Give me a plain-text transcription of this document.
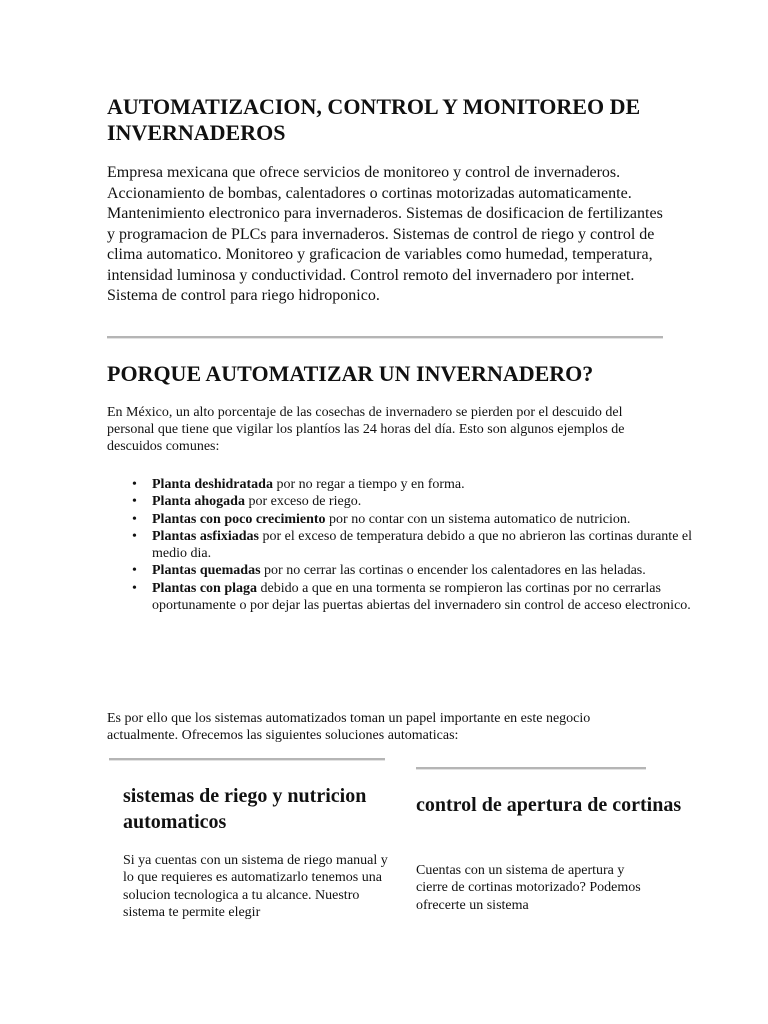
AUTOMATIZACION, CONTROL Y MONITOREO DE INVERNADEROS

Empresa mexicana que ofrece servicios de monitoreo y control de invernaderos. Accionamiento de bombas, calentadores o cortinas motorizadas automaticamente. Mantenimiento electronico para invernaderos. Sistemas de dosificacion de fertilizantes y programacion de PLCs para invernaderos. Sistemas de control de riego y control de clima automatico. Monitoreo y graficacion de variables como humedad, temperatura, intensidad luminosa y conductividad. Control remoto del invernadero por internet. Sistema de control para riego hidroponico.

PORQUE AUTOMATIZAR UN INVERNADERO?

En México, un alto porcentaje de las cosechas de invernadero se pierden por el descuido del personal que tiene que vigilar los plantíos las 24 horas del día. Esto son algunos ejemplos de descuidos comunes:

• Planta deshidratada por no regar a tiempo y en forma.
• Planta ahogada por exceso de riego.
• Plantas con poco crecimiento por no contar con un sistema automatico de nutricion.
• Plantas asfixiadas por el exceso de temperatura debido a que no abrieron las cortinas durante el medio dia.
• Plantas quemadas por no cerrar las cortinas o encender los calentadores en las heladas.
• Plantas con plaga debido a que en una tormenta se rompieron las cortinas por no cerrarlas oportunamente o por dejar las puertas abiertas del invernadero sin control de acceso electronico.

Es por ello que los sistemas automatizados toman un papel importante en este negocio actualmente. Ofrecemos las siguientes soluciones automaticas:

sistemas de riego y nutricion automaticos

Si ya cuentas con un sistema de riego manual y lo que requieres es automatizarlo tenemos una solucion tecnologica a tu alcance. Nuestro sistema te permite elegir

control de apertura de cortinas

Cuentas con un sistema de apertura y cierre de cortinas motorizado? Podemos ofrecerte un sistema
